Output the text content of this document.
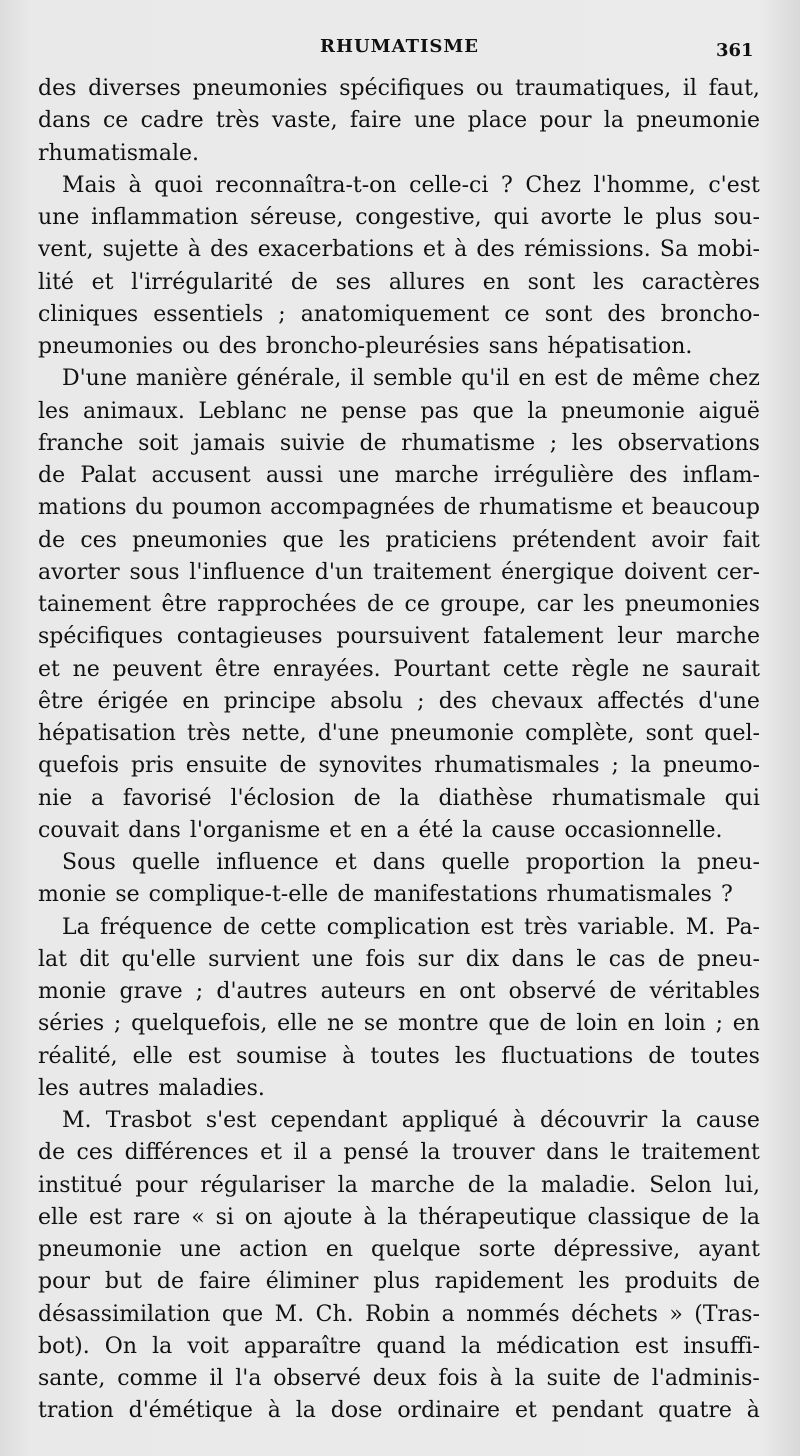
RHUMATISME	361
des diverses pneumonies spécifiques ou traumatiques, il faut,
dans ce cadre très vaste, faire une place pour la pneumonie
rhumatismale.
Mais à quoi reconnaîtra-t-on celle-ci ? Chez l'homme, c'est
une inflammation séreuse, congestive, qui avorte le plus sou-
vent, sujette à des exacerbations et à des rémissions. Sa mobi-
lité et l'irrégularité de ses allures en sont les caractères
cliniques essentiels ; anatomiquement ce sont des broncho-
pneumonies ou des broncho-pleurésies sans hépatisation.
D'une manière générale, il semble qu'il en est de même chez
les animaux. Leblanc ne pense pas que la pneumonie aiguë
franche soit jamais suivie de rhumatisme ; les observations
de Palat accusent aussi une marche irrégulière des inflam-
mations du poumon accompagnées de rhumatisme et beaucoup
de ces pneumonies que les praticiens prétendent avoir fait
avorter sous l'influence d'un traitement énergique doivent cer-
tainement être rapprochées de ce groupe, car les pneumonies
spécifiques contagieuses poursuivent fatalement leur marche
et ne peuvent être enrayées. Pourtant cette règle ne saurait
être érigée en principe absolu ; des chevaux affectés d'une
hépatisation très nette, d'une pneumonie complète, sont quel-
quefois pris ensuite de synovites rhumatismales ; la pneumo-
nie a favorisé l'éclosion de la diathèse rhumatismale qui
couvait dans l'organisme et en a été la cause occasionnelle.
Sous quelle influence et dans quelle proportion la pneu-
monie se complique-t-elle de manifestations rhumatismales ?
La fréquence de cette complication est très variable. M. Pa-
lat dit qu'elle survient une fois sur dix dans le cas de pneu-
monie grave ; d'autres auteurs en ont observé de véritables
séries ; quelquefois, elle ne se montre que de loin en loin ; en
réalité, elle est soumise à toutes les fluctuations de toutes
les autres maladies.
M. Trasbot s'est cependant appliqué à découvrir la cause
de ces différences et il a pensé la trouver dans le traitement
institué pour régulariser la marche de la maladie. Selon lui,
elle est rare « si on ajoute à la thérapeutique classique de la
pneumonie une action en quelque sorte dépressive, ayant
pour but de faire éliminer plus rapidement les produits de
désassimilation que M. Ch. Robin a nommés déchets » (Tras-
bot). On la voit apparaître quand la médication est insuffi-
sante, comme il l'a observé deux fois à la suite de l'adminis-
tration d'émétique à la dose ordinaire et pendant quatre à
